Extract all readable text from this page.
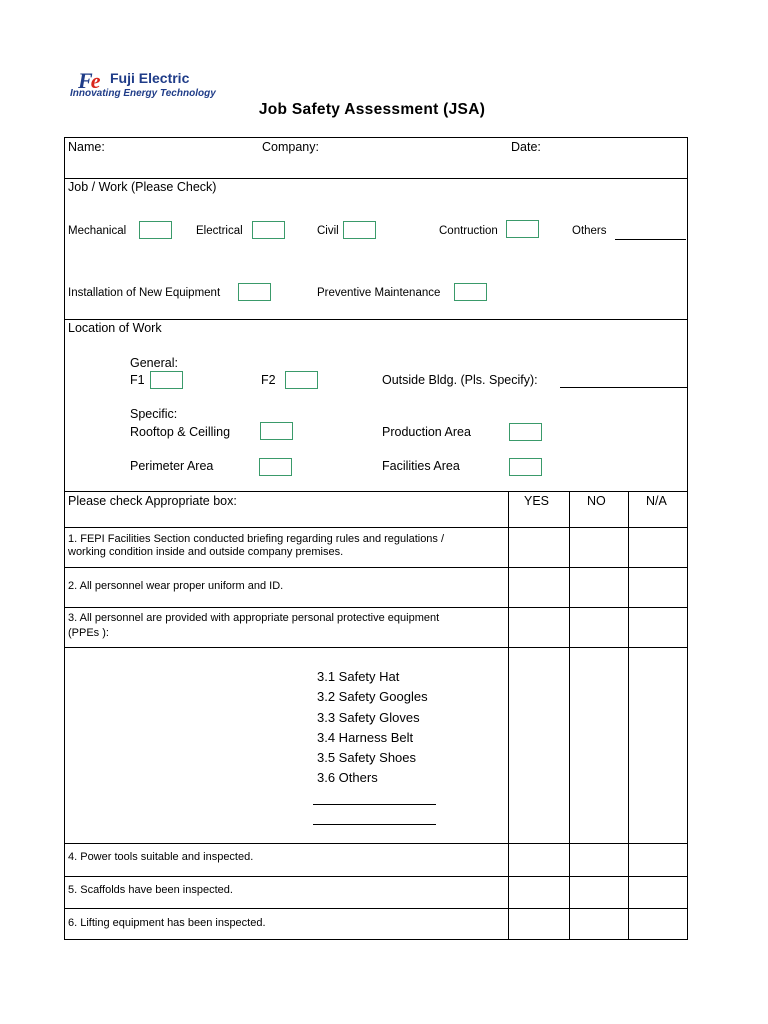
Fe Fuji Electric
Innovating Energy Technology
Job Safety Assessment (JSA)
Name:	Company:	Date:
Job / Work (Please Check)
Mechanical	Electrical	Civil	Contruction	Others
Installation of New Equipment	Preventive Maintenance
Location of Work
General:
F1	F2	Outside Bldg. (Pls. Specify):
Specific:
Rooftop & Ceilling	Production Area
Perimeter Area	Facilities Area
Please check Appropriate box:	YES	NO	N/A
1. FEPI Facilities Section conducted briefing regarding rules and regulations /
working condition inside and outside company premises.
2. All personnel wear proper uniform and ID.
3. All personnel are provided with appropriate personal protective equipment
(PPEs ):
3.1 Safety Hat
3.2 Safety Googles
3.3 Safety Gloves
3.4 Harness Belt
3.5 Safety Shoes
3.6 Others
4. Power tools suitable and inspected.
5. Scaffolds have been inspected.
6. Lifting equipment has been inspected.
